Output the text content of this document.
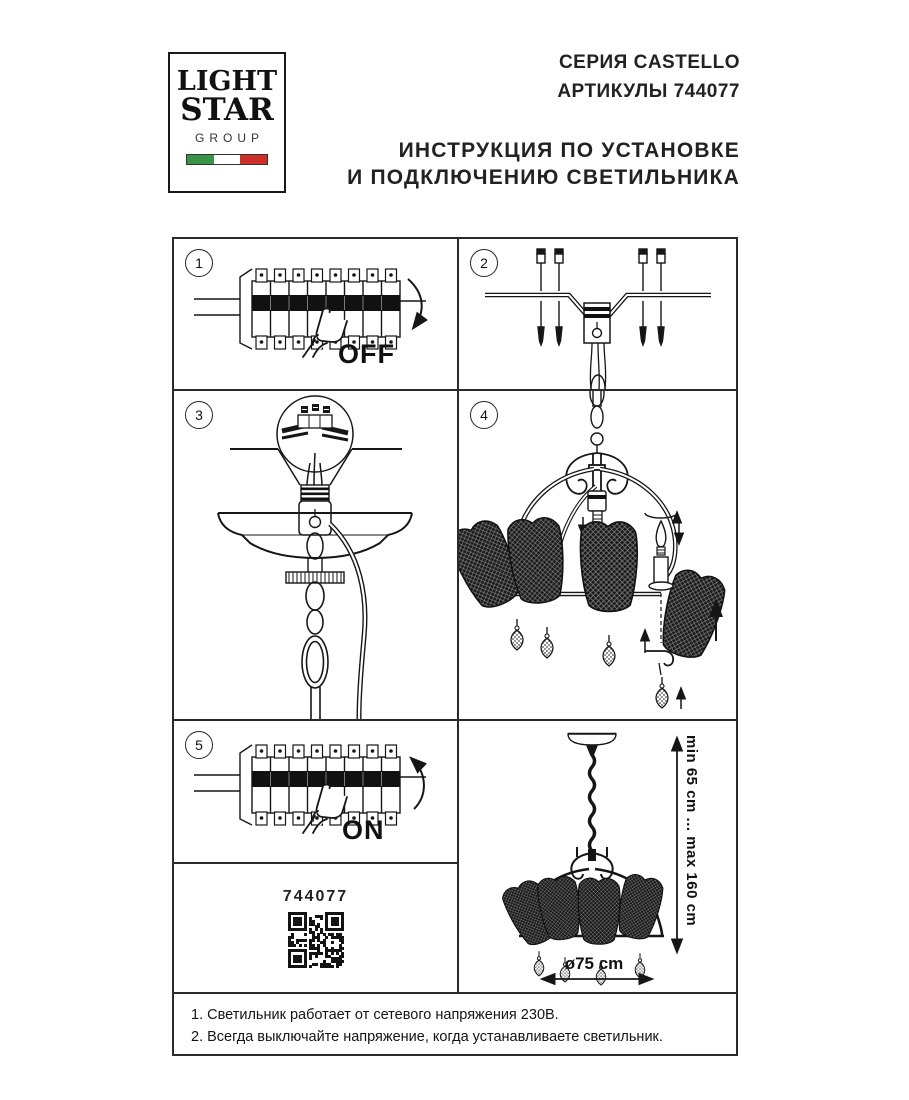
LIGHT
STAR
GROUP
СЕРИЯ CASTELLO
АРТИКУЛЫ 744077
ИНСТРУКЦИЯ ПО УСТАНОВКЕ
И ПОДКЛЮЧЕНИЮ СВЕТИЛЬНИКА
1
OFF
2
3	4
5
ON
744077	min 65 cm ... max 160 cm
ø75 cm
1. Светильник работает от сетевого напряжения 230В.
2. Всегда выключайте напряжение, когда устанавливаете светильник.
